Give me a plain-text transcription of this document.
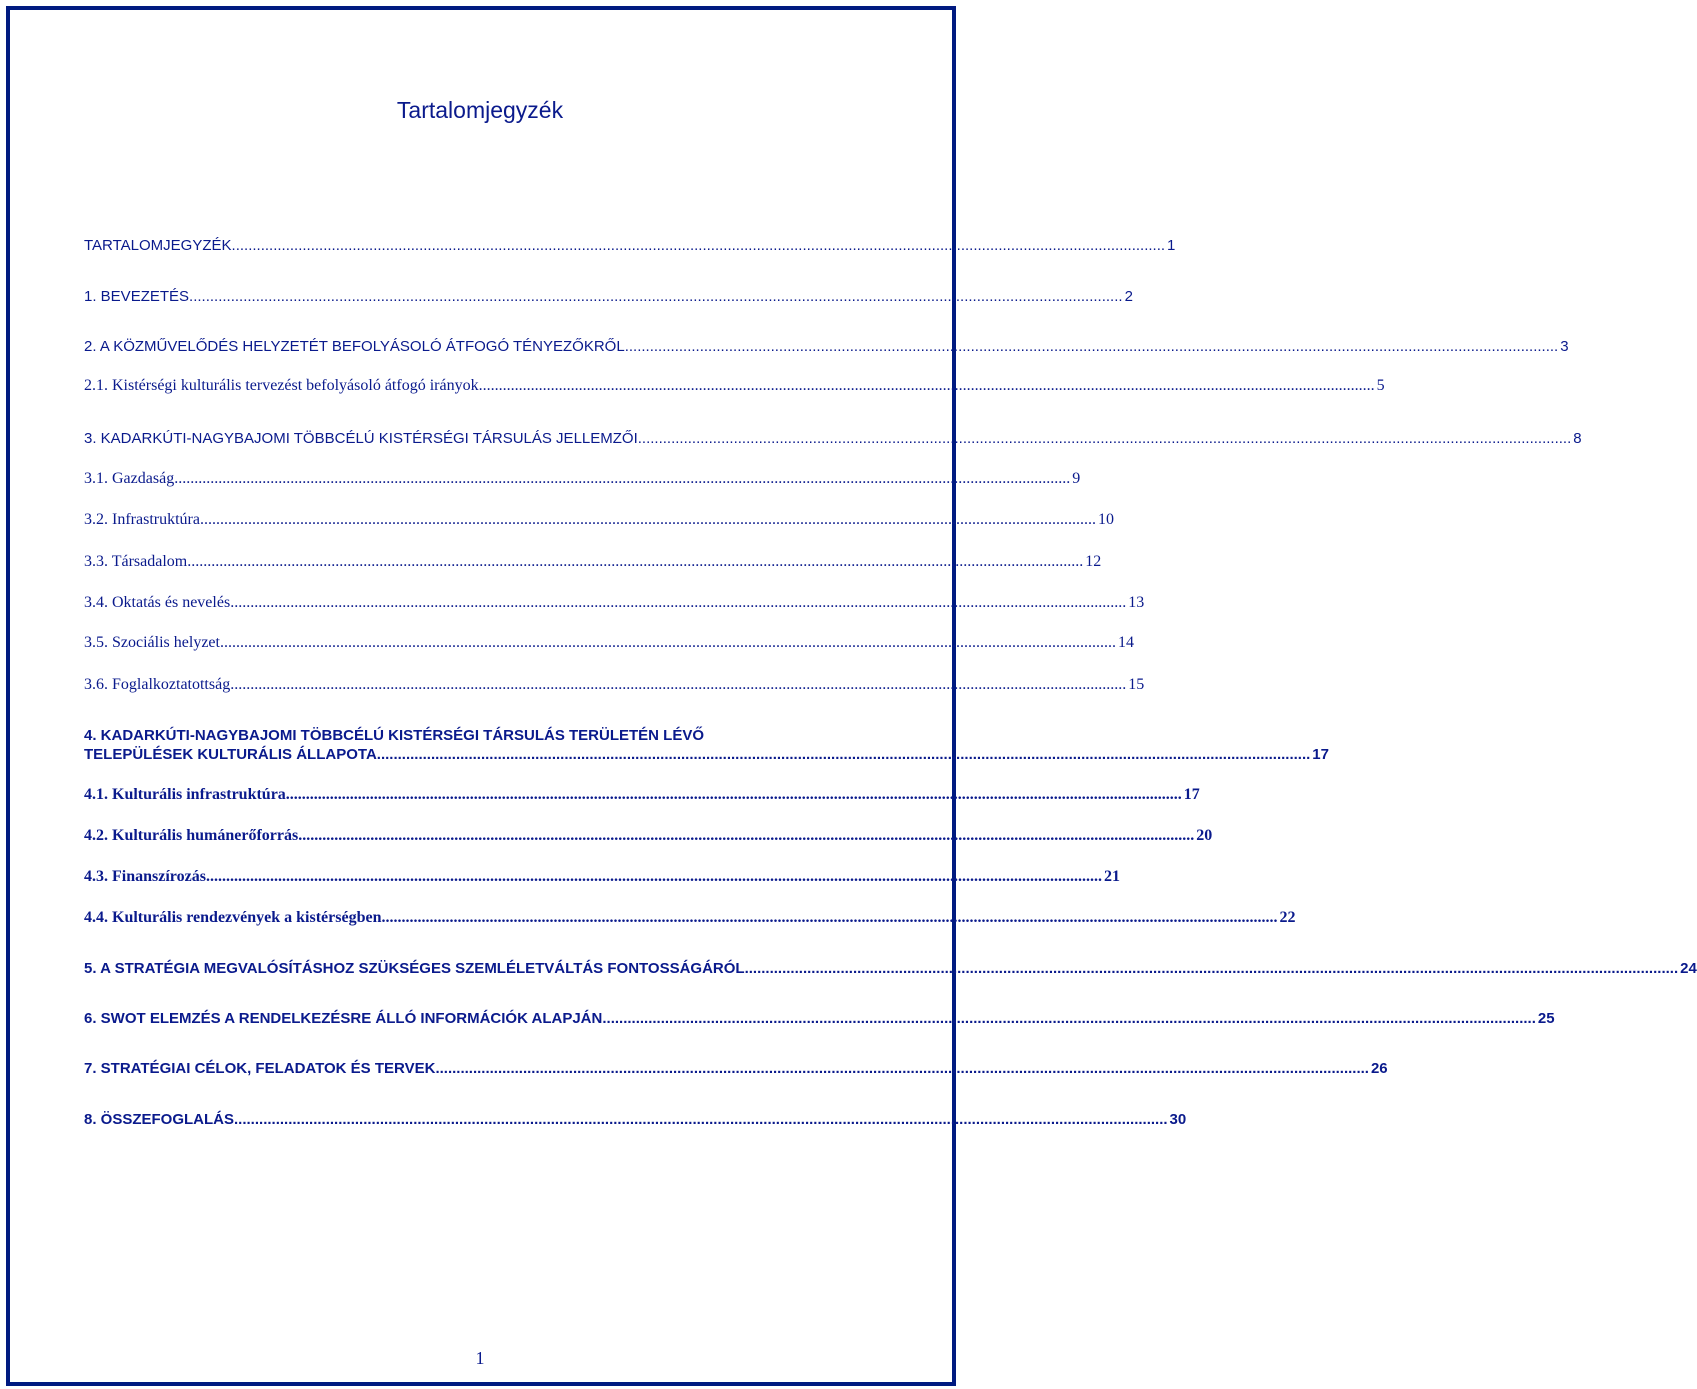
Tartalomjegyzék
TARTALOMJEGYZÉK ................................................................................................................................................................................................................................ 1
1. BEVEZETÉS ................................................................................................................................................................................................................................ 2
2. A KÖZMŰVELŐDÉS HELYZETÉT BEFOLYÁSOLÓ ÁTFOGÓ TÉNYEZŐKRŐL ................................................................................................................................................................................................................................ 3
2.1. Kistérségi kulturális tervezést befolyásoló átfogó irányok ................................................................................................................................................................................................................................ 5
3. KADARKÚTI-NAGYBAJOMI TÖBBCÉLÚ KISTÉRSÉGI TÁRSULÁS JELLEMZŐI ................................................................................................................................................................................................................................ 8
3.1. Gazdaság ................................................................................................................................................................................................................................ 9
3.2. Infrastruktúra ................................................................................................................................................................................................................................ 10
3.3. Társadalom ................................................................................................................................................................................................................................ 12
3.4. Oktatás és nevelés ................................................................................................................................................................................................................................ 13
3.5. Szociális helyzet ................................................................................................................................................................................................................................ 14
3.6. Foglalkoztatottság ................................................................................................................................................................................................................................ 15
4. KADARKÚTI-NAGYBAJOMI TÖBBCÉLÚ KISTÉRSÉGI TÁRSULÁS TERÜLETÉN LÉVŐ
TELEPÜLÉSEK KULTURÁLIS ÁLLAPOTA ................................................................................................................................................................................................................................ 17
4.1. Kulturális infrastruktúra ................................................................................................................................................................................................................................ 17
4.2. Kulturális humánerőforrás ................................................................................................................................................................................................................................ 20
4.3. Finanszírozás ................................................................................................................................................................................................................................ 21
4.4. Kulturális rendezvények a kistérségben ................................................................................................................................................................................................................................ 22
5. A STRATÉGIA MEGVALÓSÍTÁSHOZ SZÜKSÉGES SZEMLÉLETVÁLTÁS FONTOSSÁGÁRÓL ................................................................................................................................................................................................................................ 24
6. SWOT ELEMZÉS A RENDELKEZÉSRE ÁLLÓ INFORMÁCIÓK ALAPJÁN ................................................................................................................................................................................................................................ 25
7. STRATÉGIAI CÉLOK, FELADATOK ÉS TERVEK ................................................................................................................................................................................................................................ 26
8. ÖSSZEFOGLALÁS ................................................................................................................................................................................................................................ 30
1
